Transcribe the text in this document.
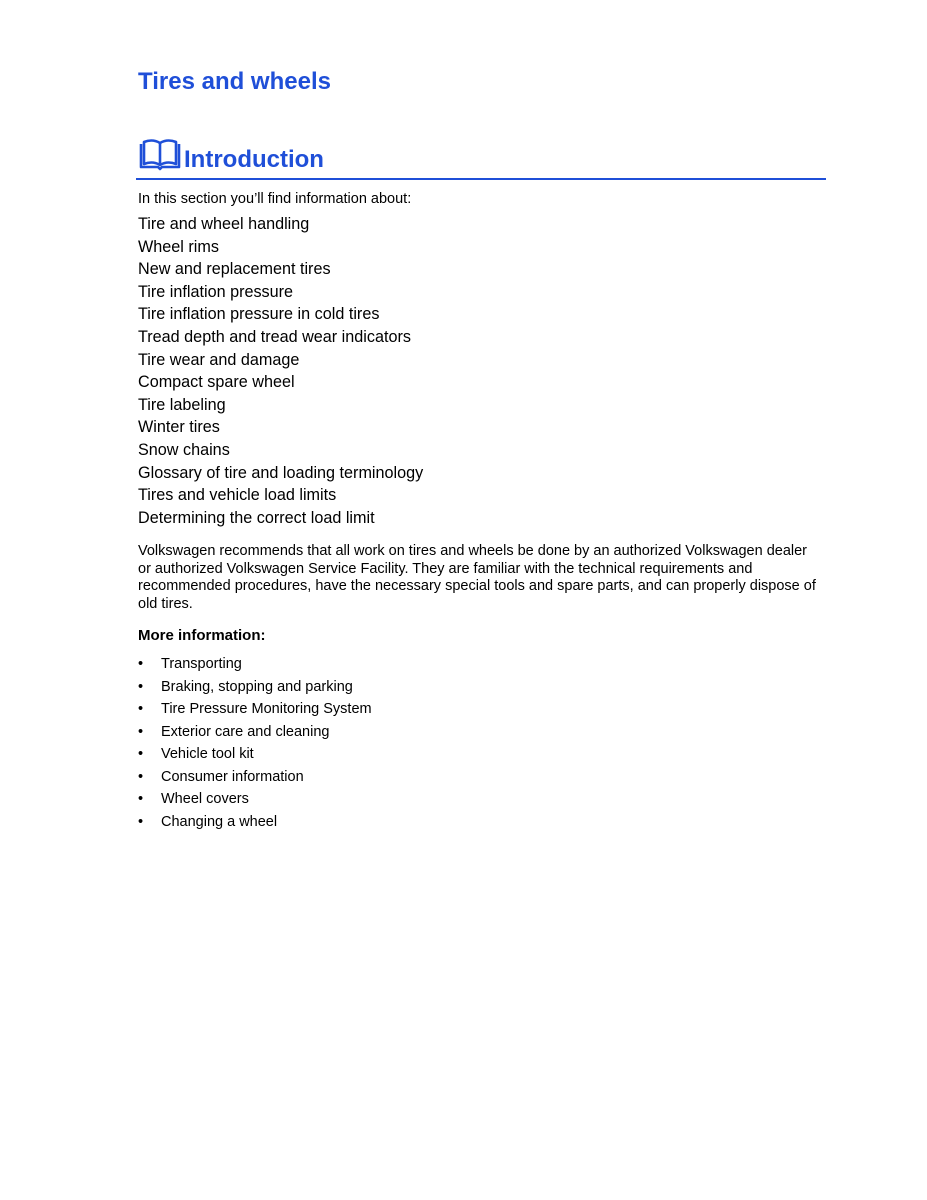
Tires and wheels
Introduction

In this section you’ll find information about:

Tire and wheel handling
Wheel rims
New and replacement tires
Tire inflation pressure
Tire inflation pressure in cold tires
Tread depth and tread wear indicators
Tire wear and damage
Compact spare wheel
Tire labeling
Winter tires
Snow chains
Glossary of tire and loading terminology
Tires and vehicle load limits
Determining the correct load limit

Volkswagen recommends that all work on tires and wheels be done by an authorized Volkswagen dealer or authorized Volkswagen Service Facility. They are familiar with the technical requirements and recommended procedures, have the necessary special tools and spare parts, and can properly dispose of old tires.

More information:
•	Transporting
•	Braking, stopping and parking
•	Tire Pressure Monitoring System
•	Exterior care and cleaning
•	Vehicle tool kit
•	Consumer information
•	Wheel covers
•	Changing a wheel
